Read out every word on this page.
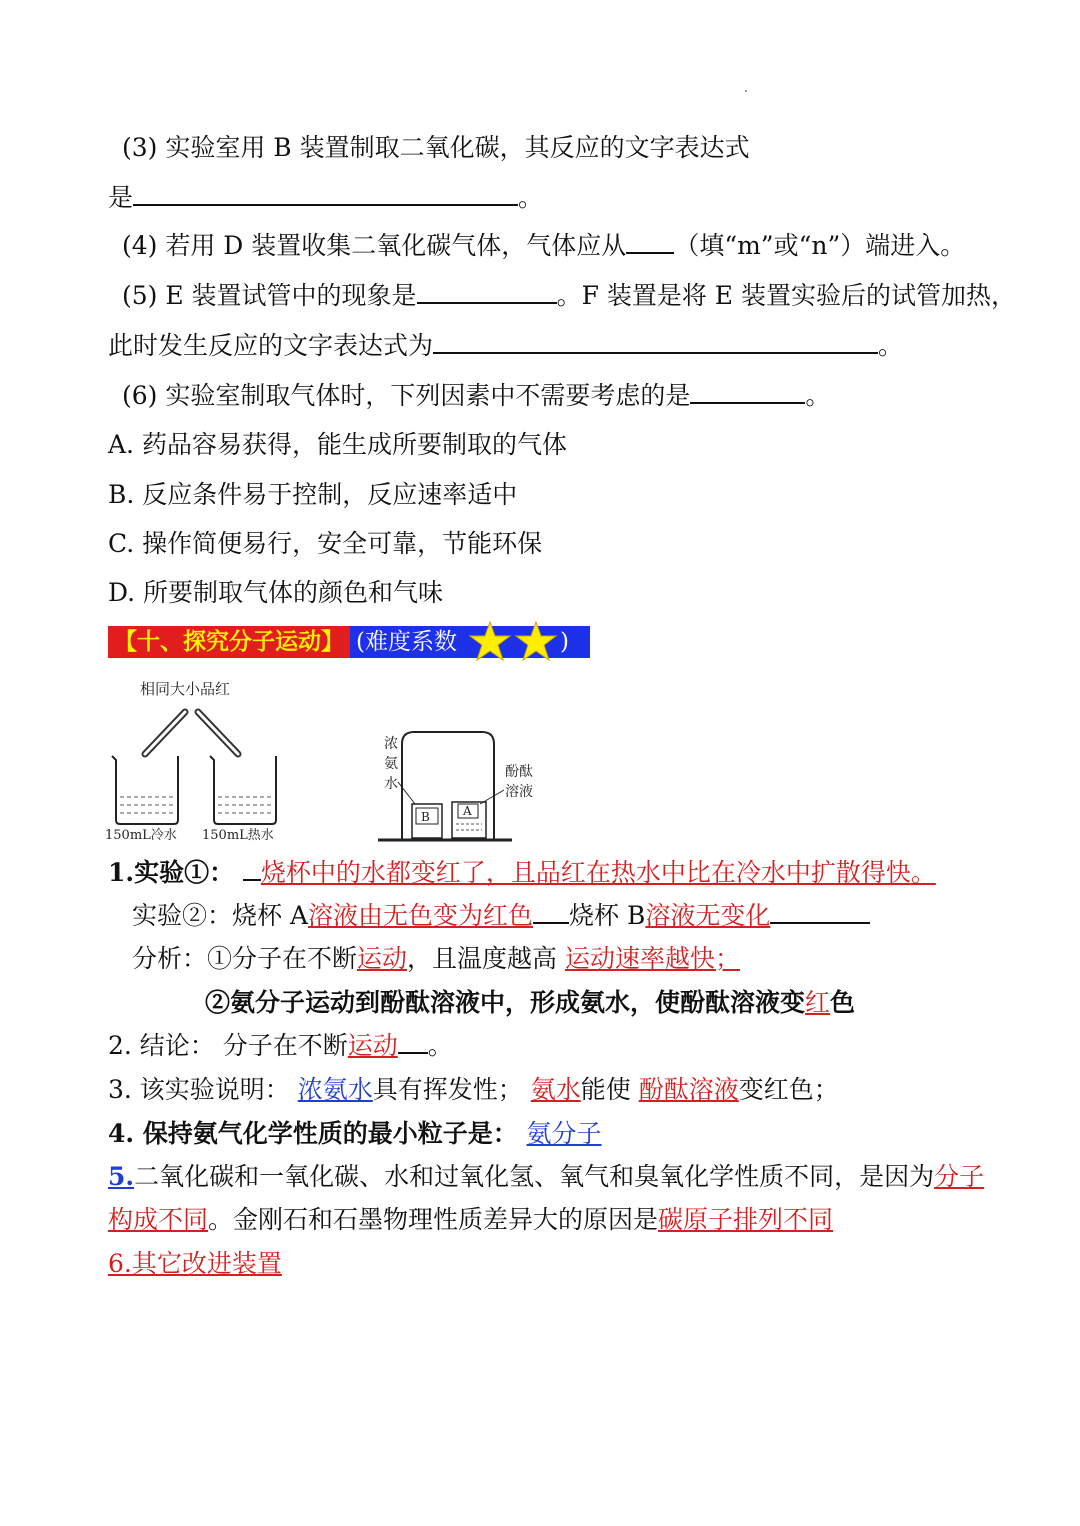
(3) 实验室用 B 装置制取二氧化碳，其反应的文字表达式
是	。
(4) 若用 D 装置收集二氧化碳气体，气体应从 （填“m”或“n”）端进入。
(5) E 装置试管中的现象是	。F 装置是将 E 装置实验后的试管加热，
此时发生反应的文字表达式为	。
(6) 实验室制取气体时，下列因素中不需要考虑的是	。
A. 药品容易获得，能生成所要制取的气体
B. 反应条件易于控制，反应速率适中
C. 操作简便易行，安全可靠，节能环保
D. 所要制取气体的颜色和气味
【十、探究分子运动】 (难度系数	)
相同大小品红
150mL冷水 150mL热水
B	A
浓
氨
水
酚酞
溶液
1.实验①： 烧杯中的水都变红了，且品红在热水中比在冷水中扩散得快。
实验②：烧杯 A溶液由无色变为红色 烧杯 B溶液无变化
分析：①分子在不断运动，且温度越高 运动速率越快；
②氨分子运动到酚酞溶液中，形成氨水，使酚酞溶液变红色
2. 结论： 分子在不断运动 。
3. 该实验说明： 浓氨水具有挥发性； 氨水能使 酚酞溶液变红色；
4. 保持氨气化学性质的最小粒子是： 氨分子
5.二氧化碳和一氧化碳、水和过氧化氢、氧气和臭氧化学性质不同，是因为分子
构成不同。金刚石和石墨物理性质差异大的原因是碳原子排列不同
6.其它改进装置
